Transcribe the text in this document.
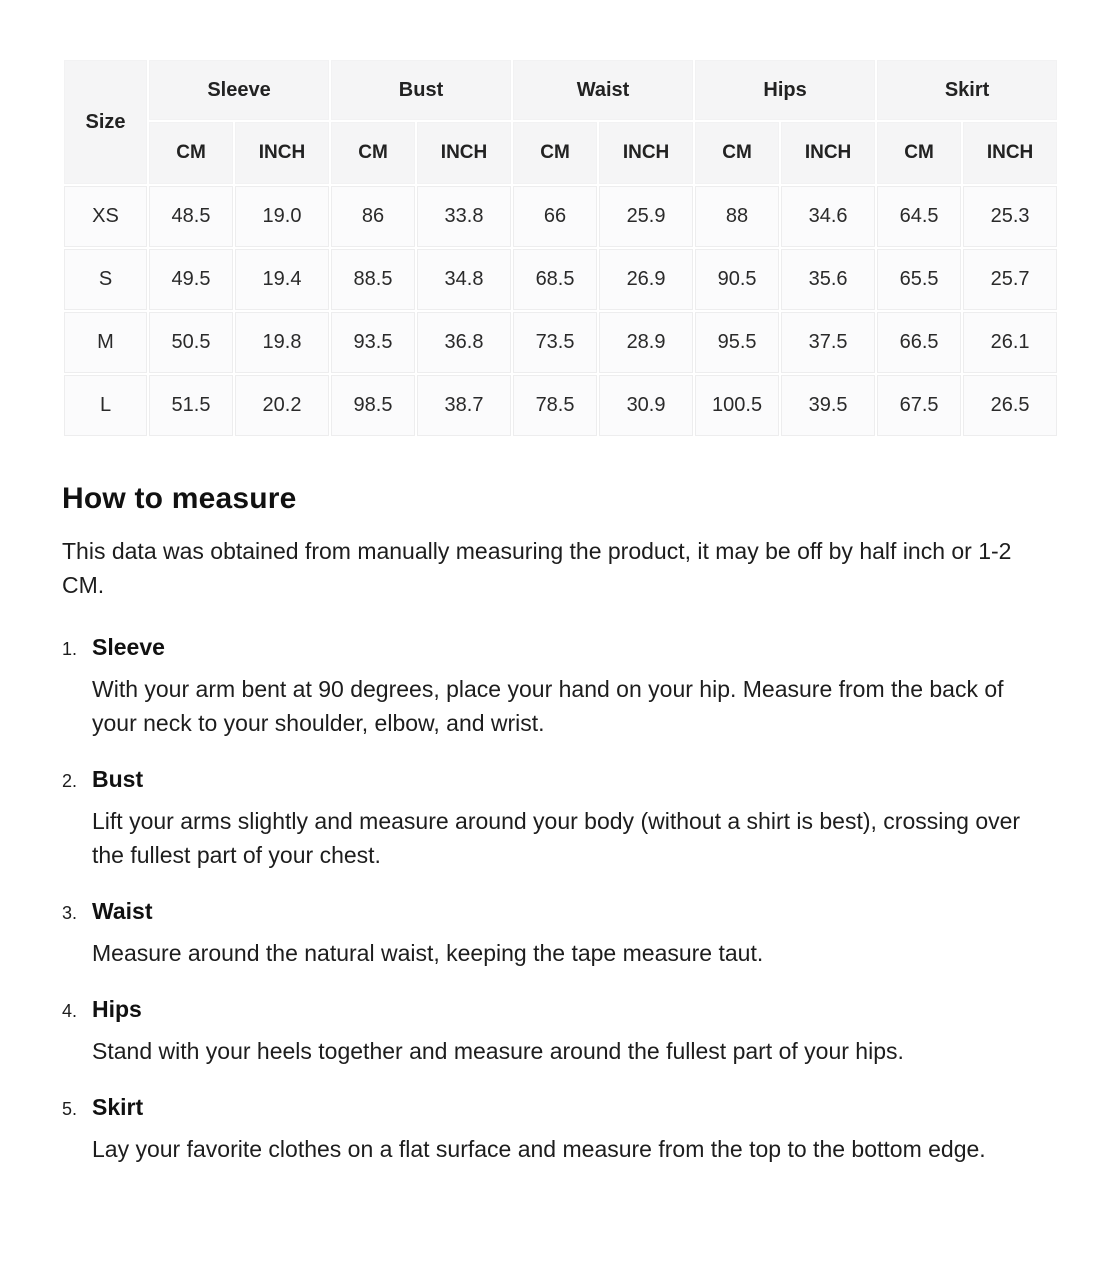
Size	Sleeve		Bust		Waist		Hips		Skirt	
	CM	INCH	CM	INCH	CM	INCH	CM	INCH	CM	INCH
XS	48.5	19.0	86	33.8	66	25.9	88	34.6	64.5	25.3
S	49.5	19.4	88.5	34.8	68.5	26.9	90.5	35.6	65.5	25.7
M	50.5	19.8	93.5	36.8	73.5	28.9	95.5	37.5	66.5	26.1
L	51.5	20.2	98.5	38.7	78.5	30.9	100.5	39.5	67.5	26.5
How to measure

This data was obtained from manually measuring the product, it may be off by half inch or 1-2 CM.

1. Sleeve

With your arm bent at 90 degrees, place your hand on your hip. Measure from the back of your neck to your shoulder, elbow, and wrist.

2. Bust

Lift your arms slightly and measure around your body (without a shirt is best), crossing over the fullest part of your chest.

3. Waist

Measure around the natural waist, keeping the tape measure taut.

4. Hips

Stand with your heels together and measure around the fullest part of your hips.

5. Skirt

Lay your favorite clothes on a flat surface and measure from the top to the bottom edge.
